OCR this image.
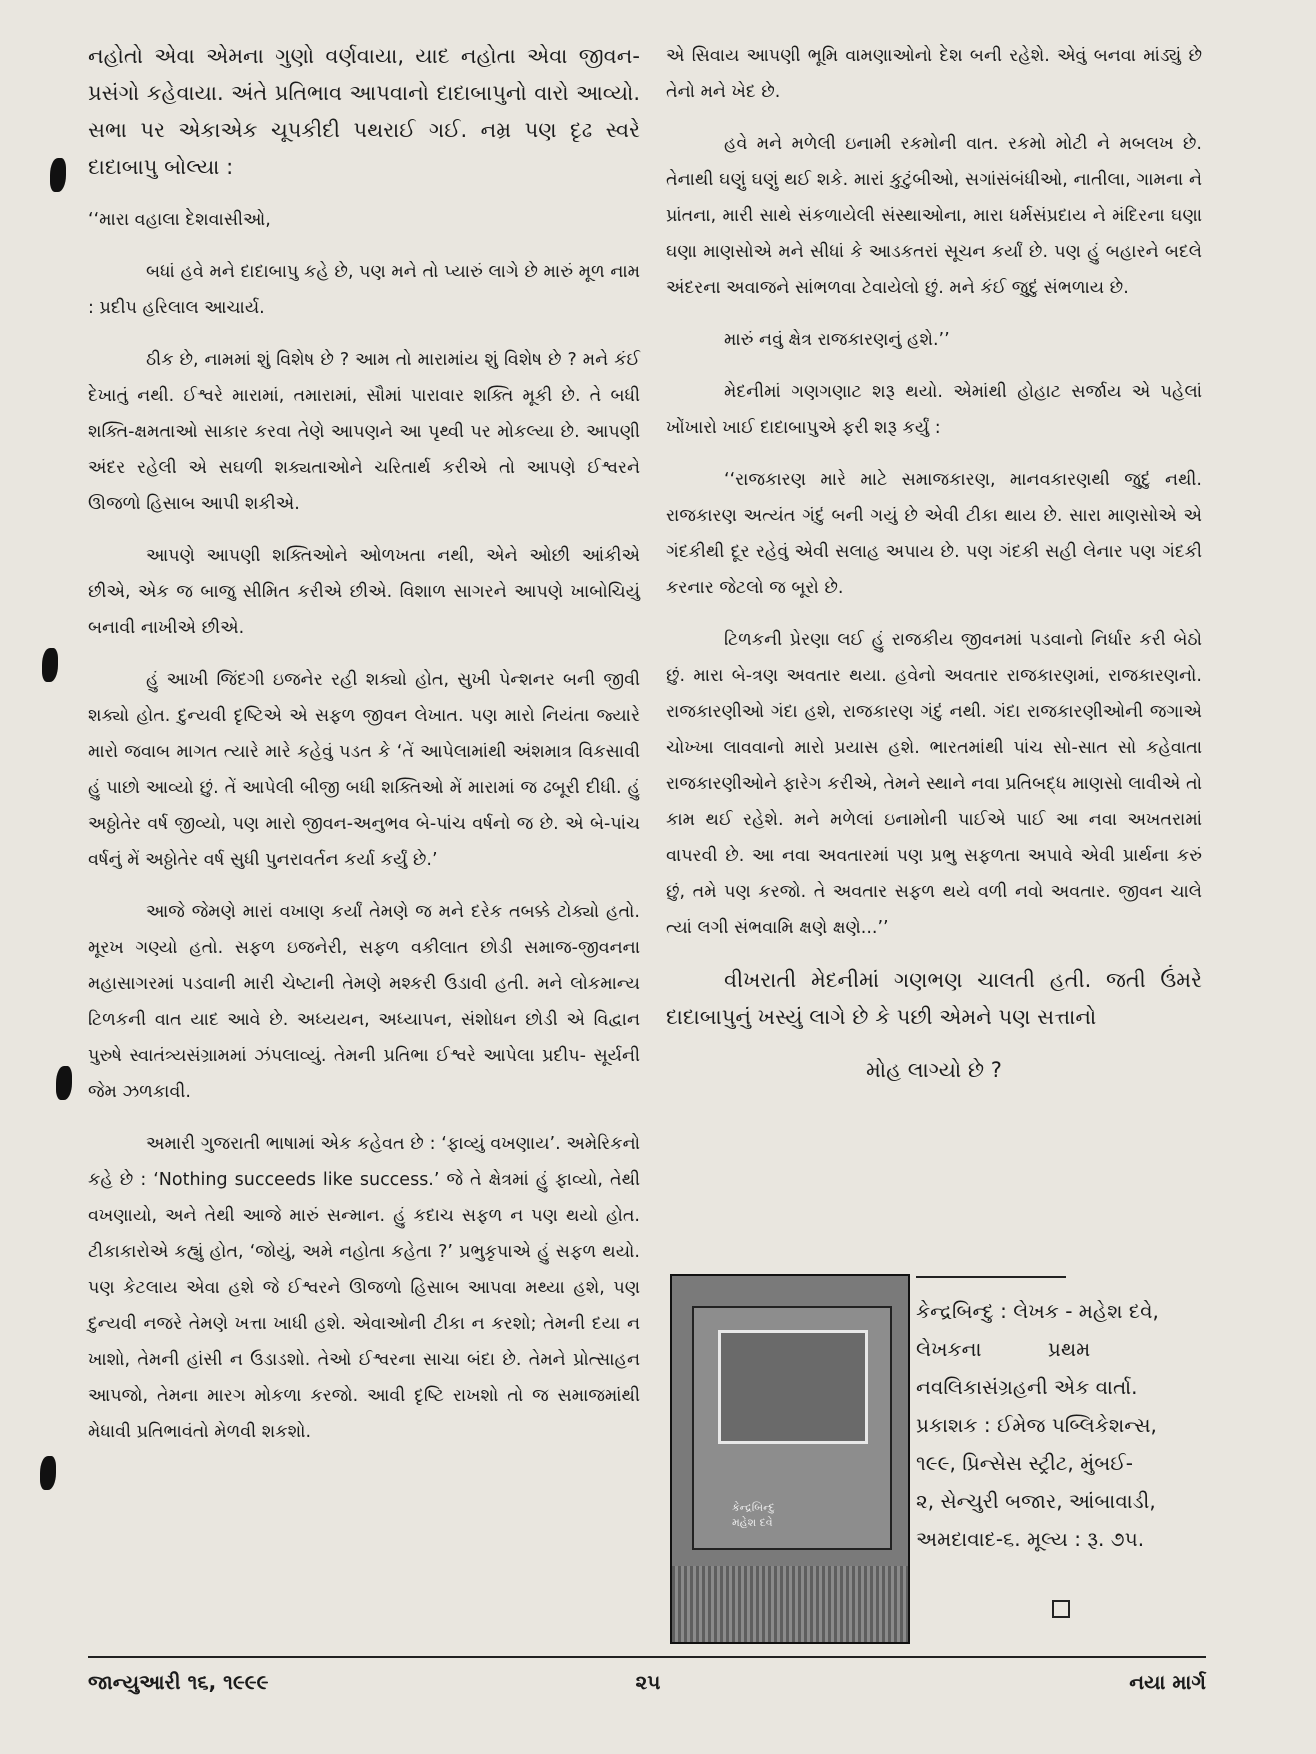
નહોતો એવા એમના ગુણો વર્ણવાયા, યાદ નહોતા એવા જીવન-પ્રસંગો કહેવાયા. અંતે પ્રતિભાવ આપવાનો દાદાબાપુનો વારો આવ્યો. સભા પર એકાએક ચૂપકીદી પથરાઈ ગઈ. નમ્ર પણ દૃઢ સ્વરે દાદાબાપુ બોલ્યા :

‘‘મારા વહાલા દેશવાસીઓ,

બધાં હવે મને દાદાબાપુ કહે છે, પણ મને તો પ્યારું લાગે છે મારું મૂળ નામ : પ્રદીપ હરિલાલ આચાર્ય.

ઠીક છે, નામમાં શું વિશેષ છે ? આમ તો મારામાંય શું વિશેષ છે ? મને કંઈ દેખાતું નથી. ઈશ્વરે મારામાં, તમારામાં, સૌમાં પારાવાર શક્તિ મૂકી છે. તે બધી શક્તિ-ક્ષમતાઓ સાકાર કરવા તેણે આપણને આ પૃથ્વી પર મોકલ્યા છે. આપણી અંદર રહેલી એ સઘળી શક્યતાઓને ચરિતાર્થ કરીએ તો આપણે ઈશ્વરને ઊજળો હિસાબ આપી શકીએ.

આપણે આપણી શક્તિઓને ઓળખતા નથી, એને ઓછી આંકીએ છીએ, એક જ બાજુ સીમિત કરીએ છીએ. વિશાળ સાગરને આપણે ખાબોચિયું બનાવી નાખીએ છીએ.

હું આખી જિંદગી ઇજનેર રહી શક્યો હોત, સુખી પેન્શનર બની જીવી શક્યો હોત. દુન્યવી દૃષ્ટિએ એ સફળ જીવન લેખાત. પણ મારો નિયંતા જ્યારે મારો જવાબ માગત ત્યારે મારે કહેવું પડત કે ‘તેં આપેલામાંથી અંશમાત્ર વિકસાવી હું પાછો આવ્યો છું. તેં આપેલી બીજી બધી શક્તિઓ મેં મારામાં જ ઢબૂરી દીધી. હું અઠ્ઠોતેર વર્ષ જીવ્યો, પણ મારો જીવન-અનુભવ બે-પાંચ વર્ષનો જ છે. એ બે-પાંચ વર્ષનું મેં અઠ્ઠોતેર વર્ષ સુધી પુનરાવર્તન કર્યા કર્યું છે.’

આજે જેમણે મારાં વખાણ કર્યાં તેમણે જ મને દરેક તબક્કે ટોક્યો હતો. મૂરખ ગણ્યો હતો. સફળ ઇજનેરી, સફળ વકીલાત છોડી સમાજ-જીવનના મહાસાગરમાં પડવાની મારી ચેષ્ટાની તેમણે મશ્કરી ઉડાવી હતી. મને લોકમાન્ય ટિળકની વાત યાદ આવે છે. અધ્યયન, અધ્યાપન, સંશોધન છોડી એ વિદ્વાન પુરુષે સ્વાતંત્ર્યસંગ્રામમાં ઝંપલાવ્યું. તેમની પ્રતિભા ઈશ્વરે આપેલા પ્રદીપ- સૂર્યની જેમ ઝળકાવી.

અમારી ગુજરાતી ભાષામાં એક કહેવત છે : ‘ફાવ્યું વખણાય’. અમેરિકનો કહે છે : ‘Nothing succeeds like success.’ જે તે ક્ષેત્રમાં હું ફાવ્યો, તેથી વખણાયો, અને તેથી આજે મારું સન્માન. હું કદાચ સફળ ન પણ થયો હોત. ટીકાકારોએ કહ્યું હોત, ‘જોયું, અમે નહોતા કહેતા ?’ પ્રભુકૃપાએ હું સફળ થયો. પણ કેટલાય એવા હશે જે ઈશ્વરને ઊજળો હિસાબ આપવા મથ્યા હશે, પણ દુન્યવી નજરે તેમણે ખત્તા ખાધી હશે. એવાઓની ટીકા ન કરશો; તેમની દયા ન ખાશો, તેમની હાંસી ન ઉડાડશો. તેઓ ઈશ્વરના સાચા બંદા છે. તેમને પ્રોત્સાહન આપજો, તેમના મારગ મોકળા કરજો. આવી દૃષ્ટિ રાખશો તો જ સમાજમાંથી મેધાવી પ્રતિભાવંતો મેળવી શકશો.

એ સિવાય આપણી ભૂમિ વામણાઓનો દેશ બની રહેશે. એવું બનવા માંડ્યું છે તેનો મને ખેદ છે.

હવે મને મળેલી ઇનામી રકમોની વાત. રકમો મોટી ને મબલખ છે. તેનાથી ઘણું ઘણું થઈ શકે. મારાં કુટુંબીઓ, સગાંસંબંધીઓ, નાતીલા, ગામના ને પ્રાંતના, મારી સાથે સંકળાયેલી સંસ્થાઓના, મારા ધર્મસંપ્રદાય ને મંદિરના ઘણા ઘણા માણસોએ મને સીધાં કે આડકતરાં સૂચન કર્યાં છે. પણ હું બહારને બદલે અંદરના અવાજને સાંભળવા ટેવાયેલો છું. મને કંઈ જુદું સંભળાય છે.

મારું નવું ક્ષેત્ર રાજકારણનું હશે.’’

મેદનીમાં ગણગણાટ શરૂ થયો. એમાંથી હોહાટ સર્જાય એ પહેલાં ખોંખારો ખાઈ દાદાબાપુએ ફરી શરૂ કર્યું :

‘‘રાજકારણ મારે માટે સમાજકારણ, માનવકારણથી જુદું નથી. રાજકારણ અત્યંત ગંદું બની ગયું છે એવી ટીકા થાય છે. સારા માણસોએ એ ગંદકીથી દૂર રહેવું એવી સલાહ અપાય છે. પણ ગંદકી સહી લેનાર પણ ગંદકી કરનાર જેટલો જ બૂરો છે.

ટિળકની પ્રેરણા લઈ હું રાજકીય જીવનમાં પડવાનો નિર્ધાર કરી બેઠો છું. મારા બે-ત્રણ અવતાર થયા. હવેનો અવતાર રાજકારણમાં, રાજકારણનો. રાજકારણીઓ ગંદા હશે, રાજકારણ ગંદું નથી. ગંદા રાજકારણીઓની જગાએ ચોખ્ખા લાવવાનો મારો પ્રયાસ હશે. ભારતમાંથી પાંચ સો-સાત સો કહેવાતા રાજકારણીઓને ફારેગ કરીએ, તેમને સ્થાને નવા પ્રતિબદ્ધ માણસો લાવીએ તો કામ થઈ રહેશે. મને મળેલાં ઇનામોની પાઈએ પાઈ આ નવા અખતરામાં વાપરવી છે. આ નવા અવતારમાં પણ પ્રભુ સફળતા અપાવે એવી પ્રાર્થના કરું છું, તમે પણ કરજો. તે અવતાર સફળ થયે વળી નવો અવતાર. જીવન ચાલે ત્યાં લગી સંભવામિ ક્ષણે ક્ષણે...’’

વીખરાતી મેદનીમાં ગણભણ ચાલતી હતી. જતી ઉંમરે દાદાબાપુનું ખસ્યું લાગે છે કે પછી એમને પણ સત્તાનો

મોહ લાગ્યો છે ?

કેન્દ્રબિન્દુ
મહેશ દવે
કેન્દ્રબિન્દુ : લેખક - મહેશ દવે,
લેખકના પ્રથમ
નવલિકાસંગ્રહની એક વાર્તા.
પ્રકાશક : ઈમેજ પબ્લિકેશન્સ,
૧૯૯, પ્રિન્સેસ સ્ટ્રીટ, મુંબઈ-
૨, સેન્ચુરી બજાર, આંબાવાડી,
અમદાવાદ-૬. મૂલ્ય : રૂ. ૭૫.
જાન્યુઆરી ૧૬, ૧૯૯૯	૨૫	નયા માર્ગ
